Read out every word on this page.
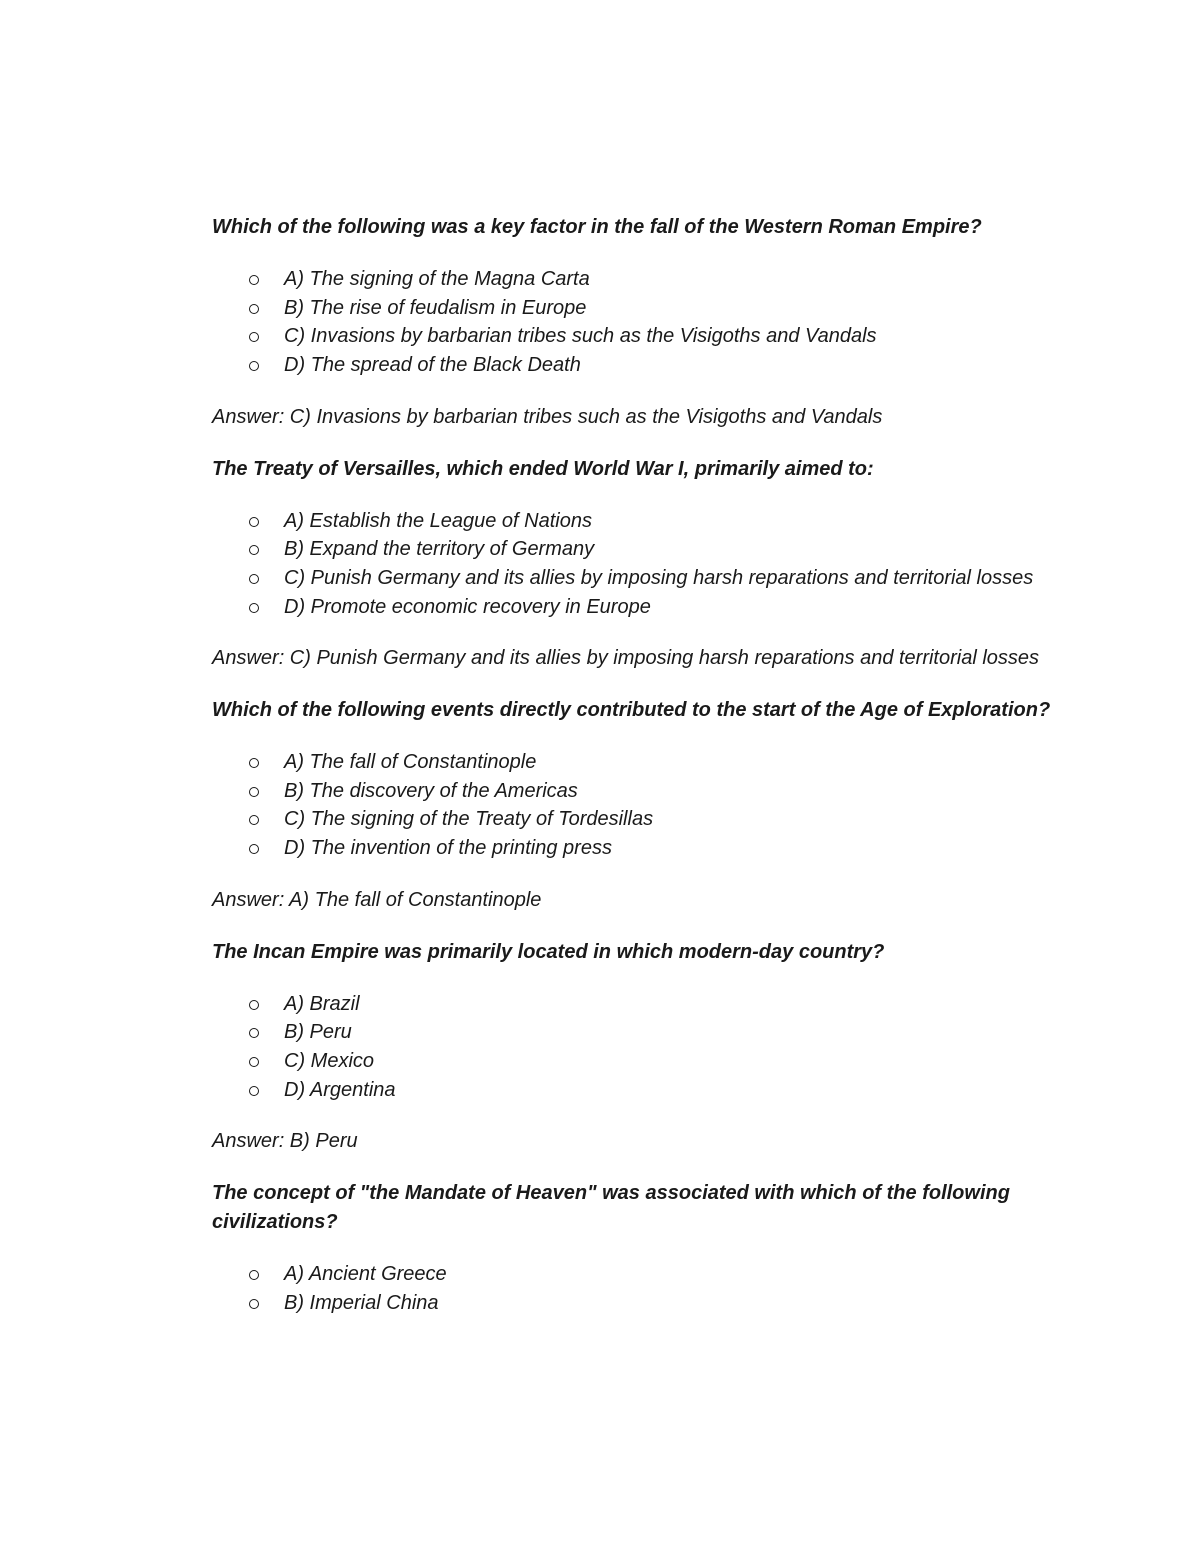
Which of the following was a key factor in the fall of the Western Roman Empire?

A) The signing of the Magna Carta
B) The rise of feudalism in Europe
C) Invasions by barbarian tribes such as the Visigoths and Vandals
D) The spread of the Black Death

Answer: C) Invasions by barbarian tribes such as the Visigoths and Vandals

The Treaty of Versailles, which ended World War I, primarily aimed to:

A) Establish the League of Nations
B) Expand the territory of Germany
C) Punish Germany and its allies by imposing harsh reparations and territorial losses
D) Promote economic recovery in Europe

Answer: C) Punish Germany and its allies by imposing harsh reparations and territorial losses

Which of the following events directly contributed to the start of the Age of Exploration?

A) The fall of Constantinople
B) The discovery of the Americas
C) The signing of the Treaty of Tordesillas
D) The invention of the printing press

Answer: A) The fall of Constantinople

The Incan Empire was primarily located in which modern-day country?

A) Brazil
B) Peru
C) Mexico
D) Argentina

Answer: B) Peru

The concept of "the Mandate of Heaven" was associated with which of the following civilizations?

A) Ancient Greece
B) Imperial China
